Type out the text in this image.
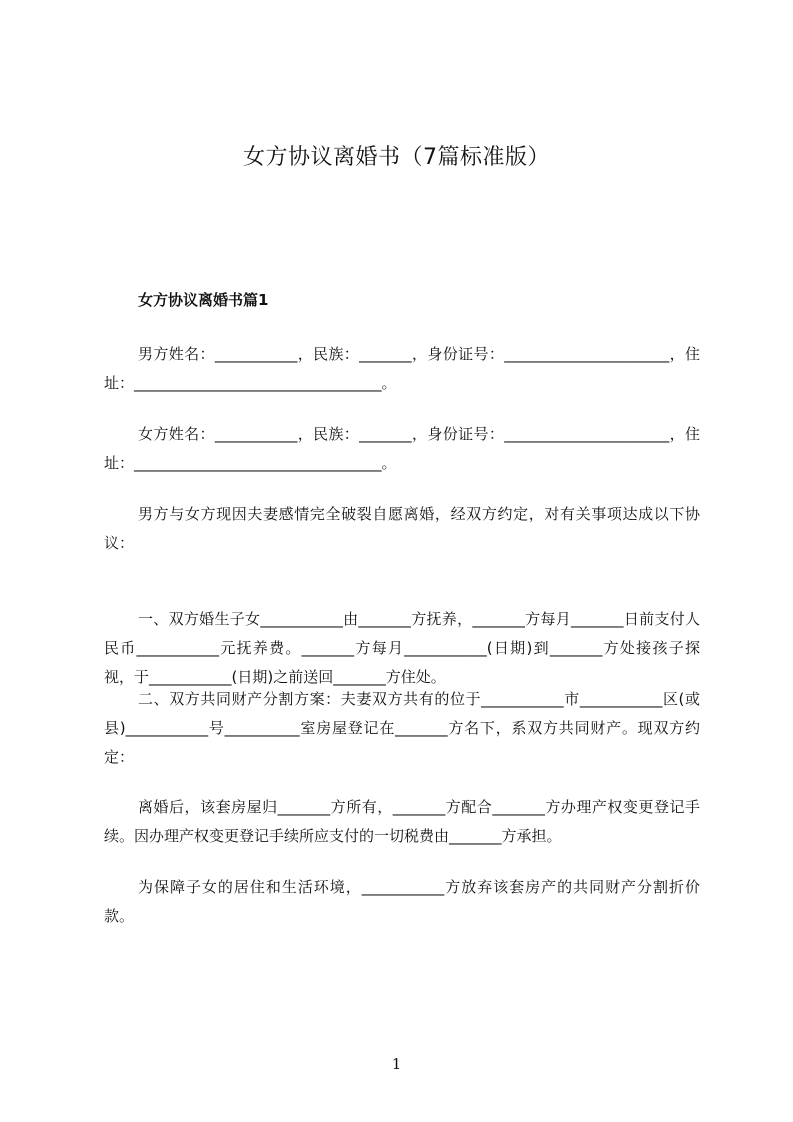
女方协议离婚书（7篇标准版）
女方协议离婚书篇1

男方姓名：___________，民族：_______，身份证号：______________________，住址：_________________________________。

女方姓名：___________，民族：_______，身份证号：______________________，住址：_________________________________。

男方与女方现因夫妻感情完全破裂自愿离婚，经双方约定，对有关事项达成以下协议：

一、双方婚生子女___________由_______方抚养，_______方每月_______日前支付人民币___________元抚养费。_______方每月___________(日期)到_______方处接孩子探视，于___________(日期)之前送回_______方住处。

二、双方共同财产分割方案：夫妻双方共有的位于___________市___________区(或县)___________号__________室房屋登记在_______方名下，系双方共同财产。现双方约定：

离婚后，该套房屋归_______方所有，_______方配合_______方办理产权变更登记手续。因办理产权变更登记手续所应支付的一切税费由_______方承担。

为保障子女的居住和生活环境，___________方放弃该套房产的共同财产分割折价款。

1
